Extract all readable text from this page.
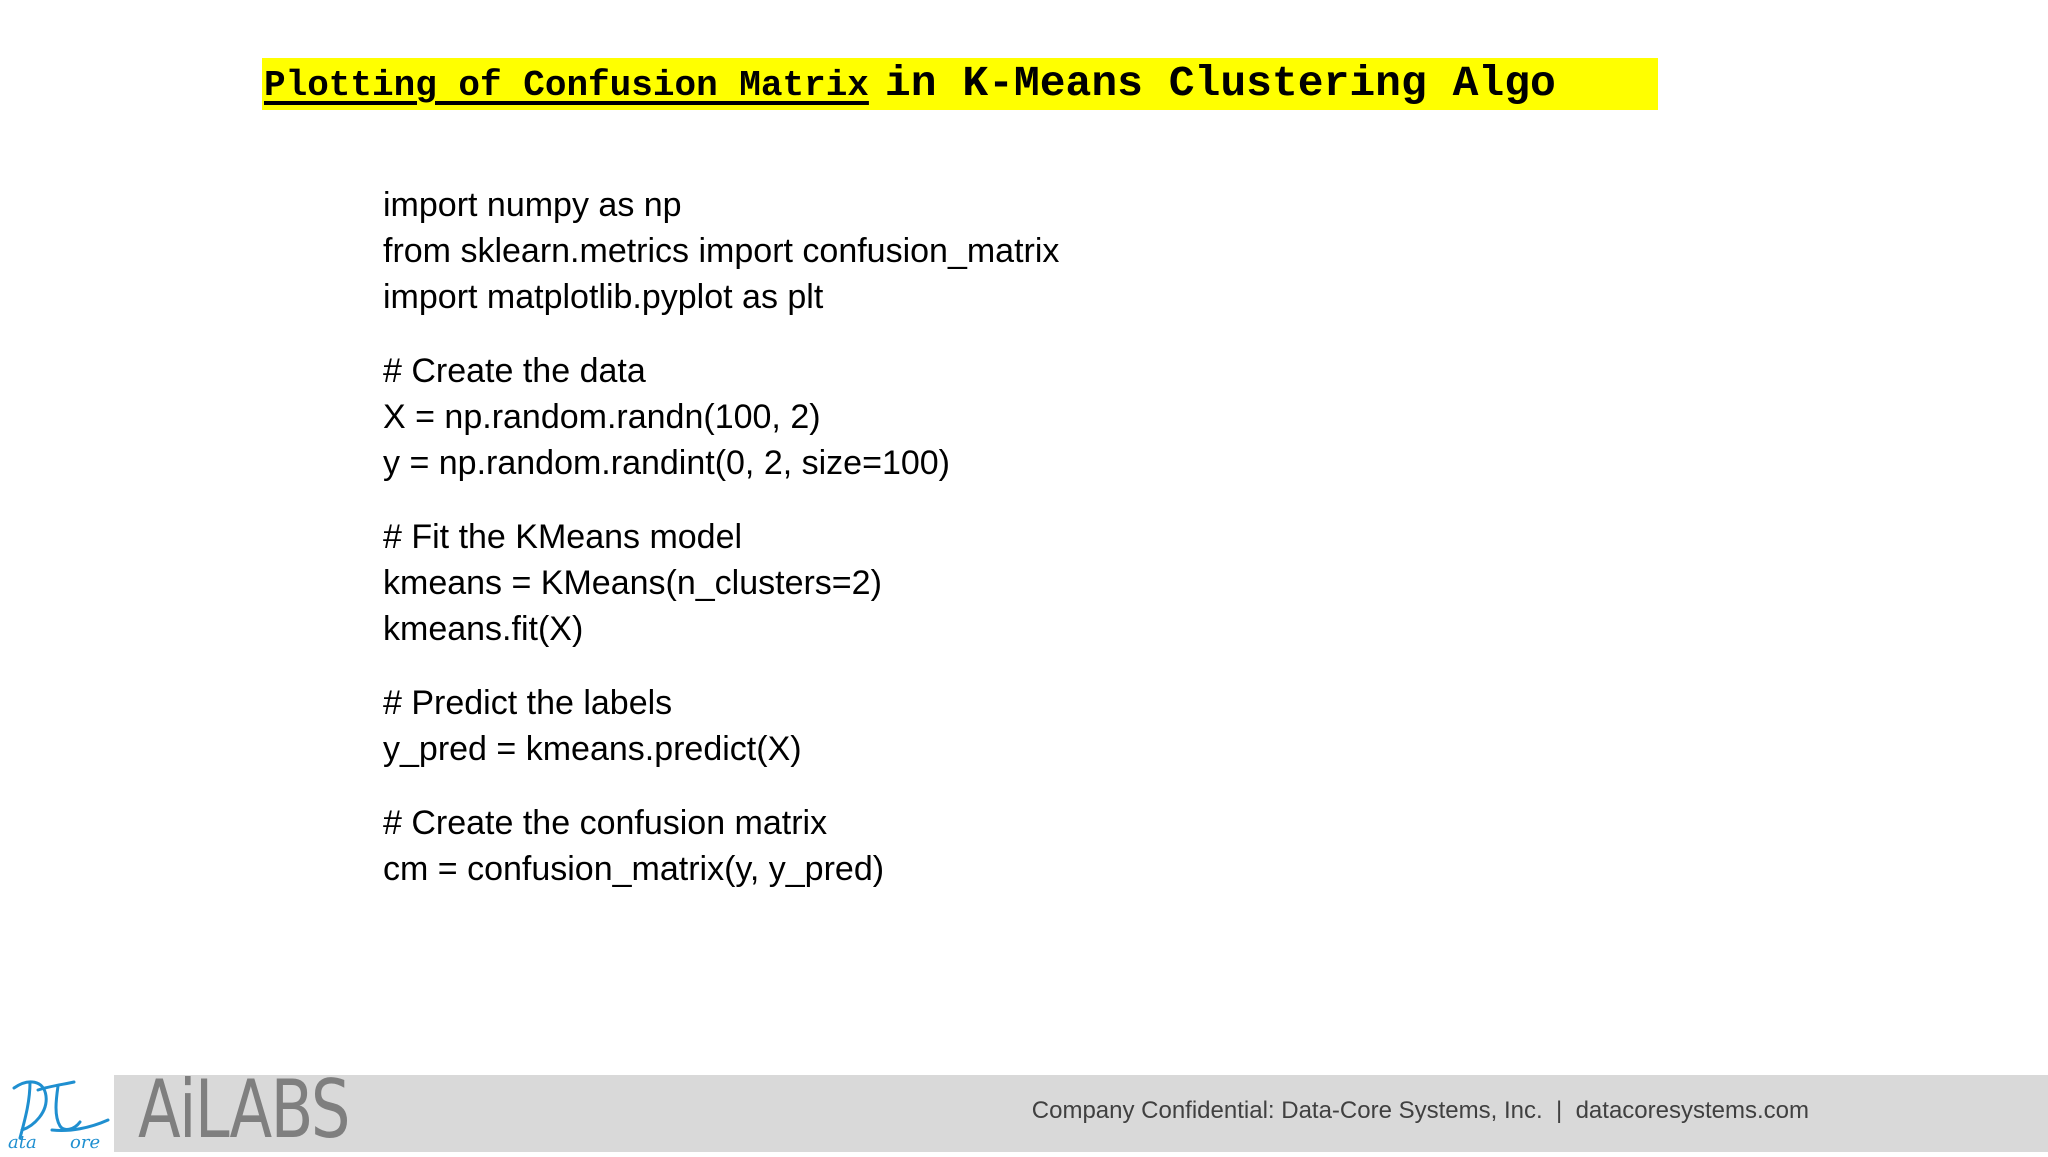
Plotting of Confusion Matrix in K-Means Clustering Algo
import numpy as np
from sklearn.metrics import confusion_matrix
import matplotlib.pyplot as plt
# Create the data
X = np.random.randn(100, 2)
y = np.random.randint(0, 2, size=100)
# Fit the KMeans model
kmeans = KMeans(n_clusters=2)
kmeans.fit(X)
# Predict the labels
y_pred = kmeans.predict(X)
# Create the confusion matrix
cm = confusion_matrix(y, y_pred)
ata ore AiLABS	Company Confidential: Data-Core Systems, Inc. | datacoresystems.com
